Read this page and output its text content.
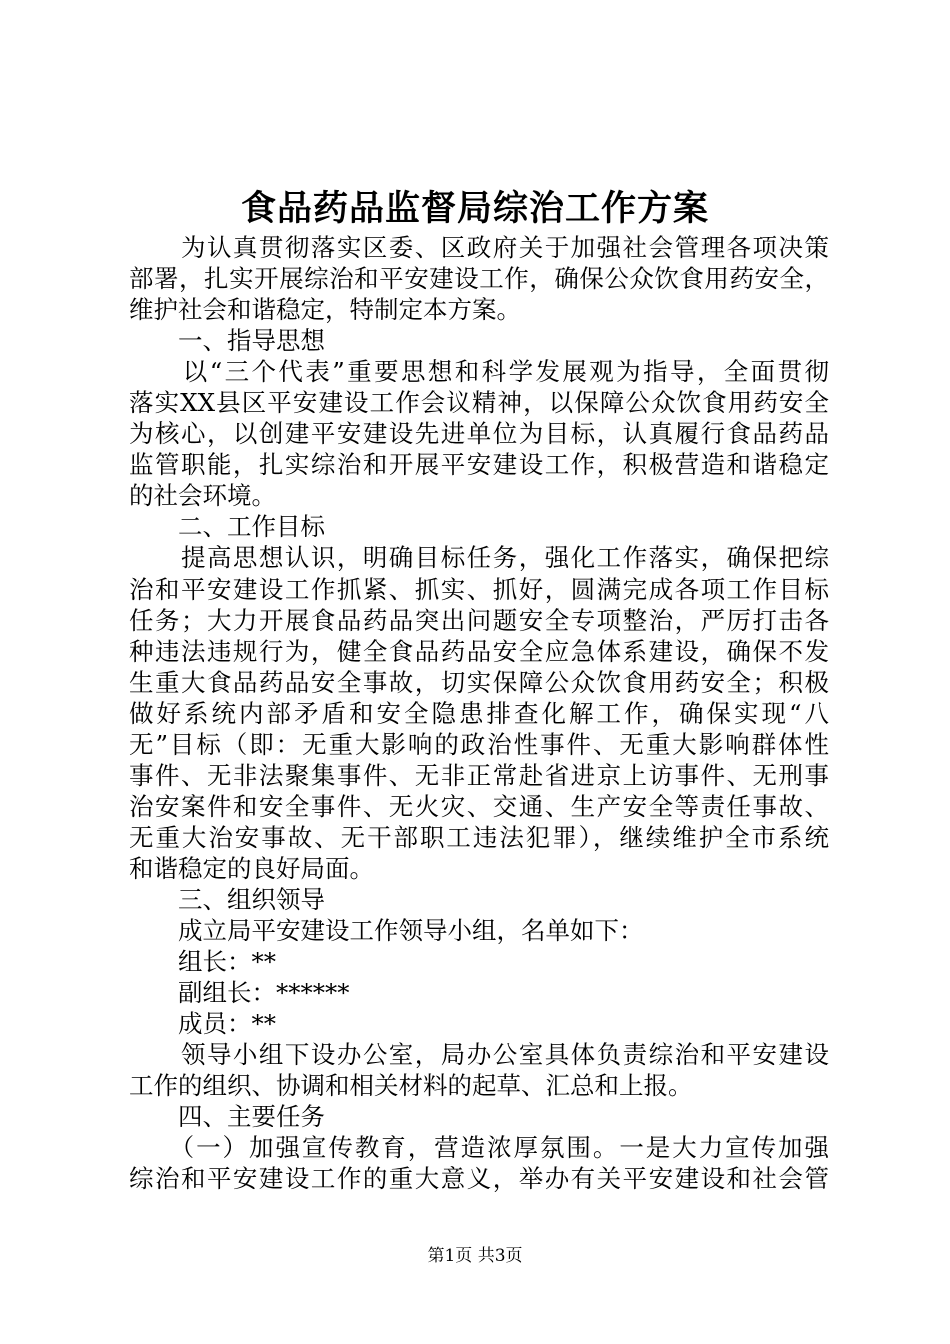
食品药品监督局综治工作方案
　　为认真贯彻落实区委、区政府关于加强社会管理各项决策
部署，扎实开展综治和平安建设工作，确保公众饮食用药安全，
维护社会和谐稳定，特制定本方案。
　　一、指导思想
　　以“三个代表”重要思想和科学发展观为指导，全面贯彻
落实XX县区平安建设工作会议精神，以保障公众饮食用药安全
为核心，以创建平安建设先进单位为目标，认真履行食品药品
监管职能，扎实综治和开展平安建设工作，积极营造和谐稳定
的社会环境。
　　二、工作目标
　　提高思想认识，明确目标任务，强化工作落实，确保把综
治和平安建设工作抓紧、抓实、抓好，圆满完成各项工作目标
任务；大力开展食品药品突出问题安全专项整治，严厉打击各
种违法违规行为，健全食品药品安全应急体系建设，确保不发
生重大食品药品安全事故，切实保障公众饮食用药安全；积极
做好系统内部矛盾和安全隐患排查化解工作，确保实现“八
无”目标（即：无重大影响的政治性事件、无重大影响群体性
事件、无非法聚集事件、无非正常赴省进京上访事件、无刑事
治安案件和安全事件、无火灾、交通、生产安全等责任事故、
无重大治安事故、无干部职工违法犯罪），继续维护全市系统
和谐稳定的良好局面。
　　三、组织领导
　　成立局平安建设工作领导小组，名单如下：
　　组长：**
　　副组长：******
　　成员：**
　　领导小组下设办公室，局办公室具体负责综治和平安建设
工作的组织、协调和相关材料的起草、汇总和上报。
　　四、主要任务
　　（一）加强宣传教育，营造浓厚氛围。一是大力宣传加强
综治和平安建设工作的重大意义，举办有关平安建设和社会管
第1页 共3页
